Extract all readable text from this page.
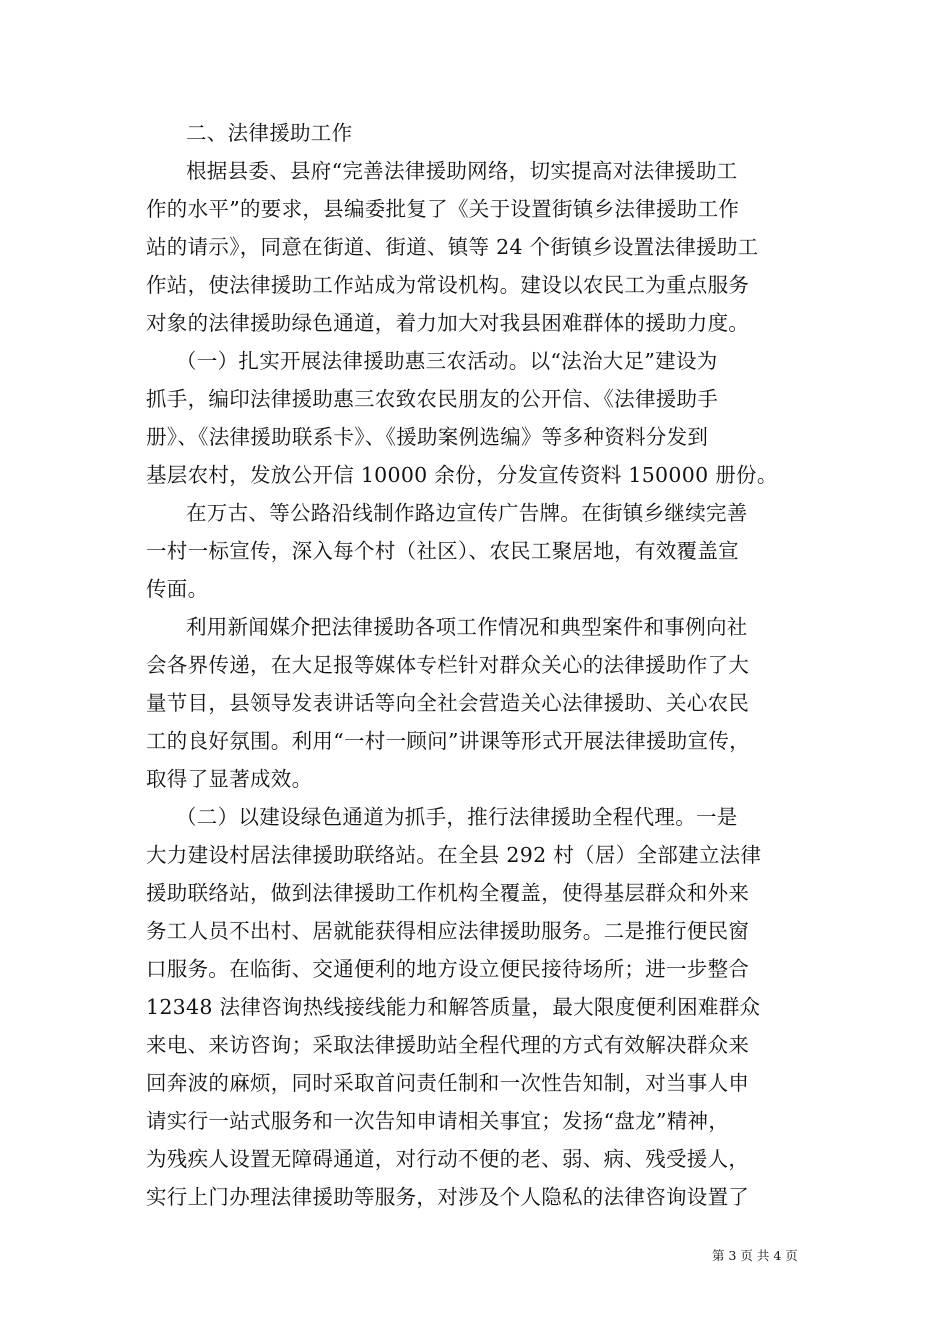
二、法律援助工作
根据县委、县府“完善法律援助网络，切实提高对法律援助工
作的水平”的要求，县编委批复了《关于设置街镇乡法律援助工作
站的请示》，同意在街道、街道、镇等 24 个街镇乡设置法律援助工
作站，使法律援助工作站成为常设机构。建设以农民工为重点服务
对象的法律援助绿色通道，着力加大对我县困难群体的援助力度。
（一）扎实开展法律援助惠三农活动。以“法治大足”建设为
抓手，编印法律援助惠三农致农民朋友的公开信、《法律援助手
册》、《法律援助联系卡》、《援助案例选编》等多种资料分发到
基层农村，发放公开信 10000 余份，分发宣传资料 150000 册份。
在万古、等公路沿线制作路边宣传广告牌。在街镇乡继续完善
一村一标宣传，深入每个村（社区）、农民工聚居地，有效覆盖宣
传面。
利用新闻媒介把法律援助各项工作情况和典型案件和事例向社
会各界传递，在大足报等媒体专栏针对群众关心的法律援助作了大
量节目，县领导发表讲话等向全社会营造关心法律援助、关心农民
工的良好氛围。利用“一村一顾问”讲课等形式开展法律援助宣传，
取得了显著成效。
（二）以建设绿色通道为抓手，推行法律援助全程代理。一是
大力建设村居法律援助联络站。在全县 292 村（居）全部建立法律
援助联络站，做到法律援助工作机构全覆盖，使得基层群众和外来
务工人员不出村、居就能获得相应法律援助服务。二是推行便民窗
口服务。在临街、交通便利的地方设立便民接待场所；进一步整合
12348 法律咨询热线接线能力和解答质量，最大限度便利困难群众
来电、来访咨询；采取法律援助站全程代理的方式有效解决群众来
回奔波的麻烦，同时采取首问责任制和一次性告知制，对当事人申
请实行一站式服务和一次告知申请相关事宜；发扬“盘龙”精神，
为残疾人设置无障碍通道，对行动不便的老、弱、病、残受援人，
实行上门办理法律援助等服务，对涉及个人隐私的法律咨询设置了
第 3 页 共 4 页
